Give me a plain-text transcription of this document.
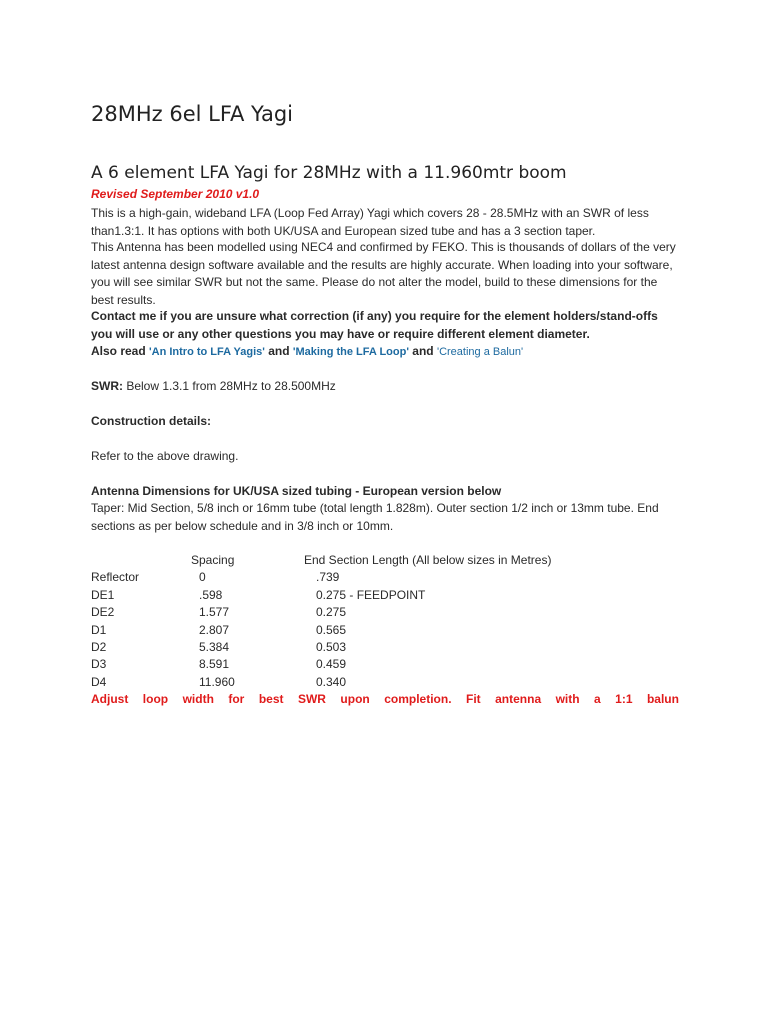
28MHz 6el LFA Yagi
A 6 element LFA Yagi for 28MHz with a 11.960mtr boom
Revised September 2010 v1.0
This is a high-gain, wideband LFA (Loop Fed Array) Yagi which covers 28 - 28.5MHz with an SWR of less than1.3:1. It has options with both UK/USA and European sized tube and has a 3 section taper.
This Antenna has been modelled using NEC4 and confirmed by FEKO. This is thousands of dollars of the very latest antenna design software available and the results are highly accurate. When loading into your software, you will see similar SWR but not the same. Please do not alter the model, build to these dimensions for the best results.
Contact me if you are unsure what correction (if any) you require for the element holders/stand-offs you will use or any other questions you may have or require different element diameter.
Also read 'An Intro to LFA Yagis' and 'Making the LFA Loop' and 'Creating a Balun'
SWR: Below 1.3.1 from 28MHz to 28.500MHz
Construction details:
Refer to the above drawing.
Antenna Dimensions for UK/USA sized tubing - European version below
Taper: Mid Section, 5/8 inch or 16mm tube (total length 1.828m). Outer section 1/2 inch or 13mm tube. End sections as per below schedule and in 3/8 inch or 10mm.
	Spacing	End Section Length (All below sizes in Metres)
Reflector	0	.739
DE1	.598	0.275 - FEEDPOINT
DE2	1.577	0.275
D1	2.807	0.565
D2	5.384	0.503
D3	8.591	0.459
D4	11.960	0.340
Adjust loop width for best SWR upon completion. Fit antenna with a 1:1 balun
